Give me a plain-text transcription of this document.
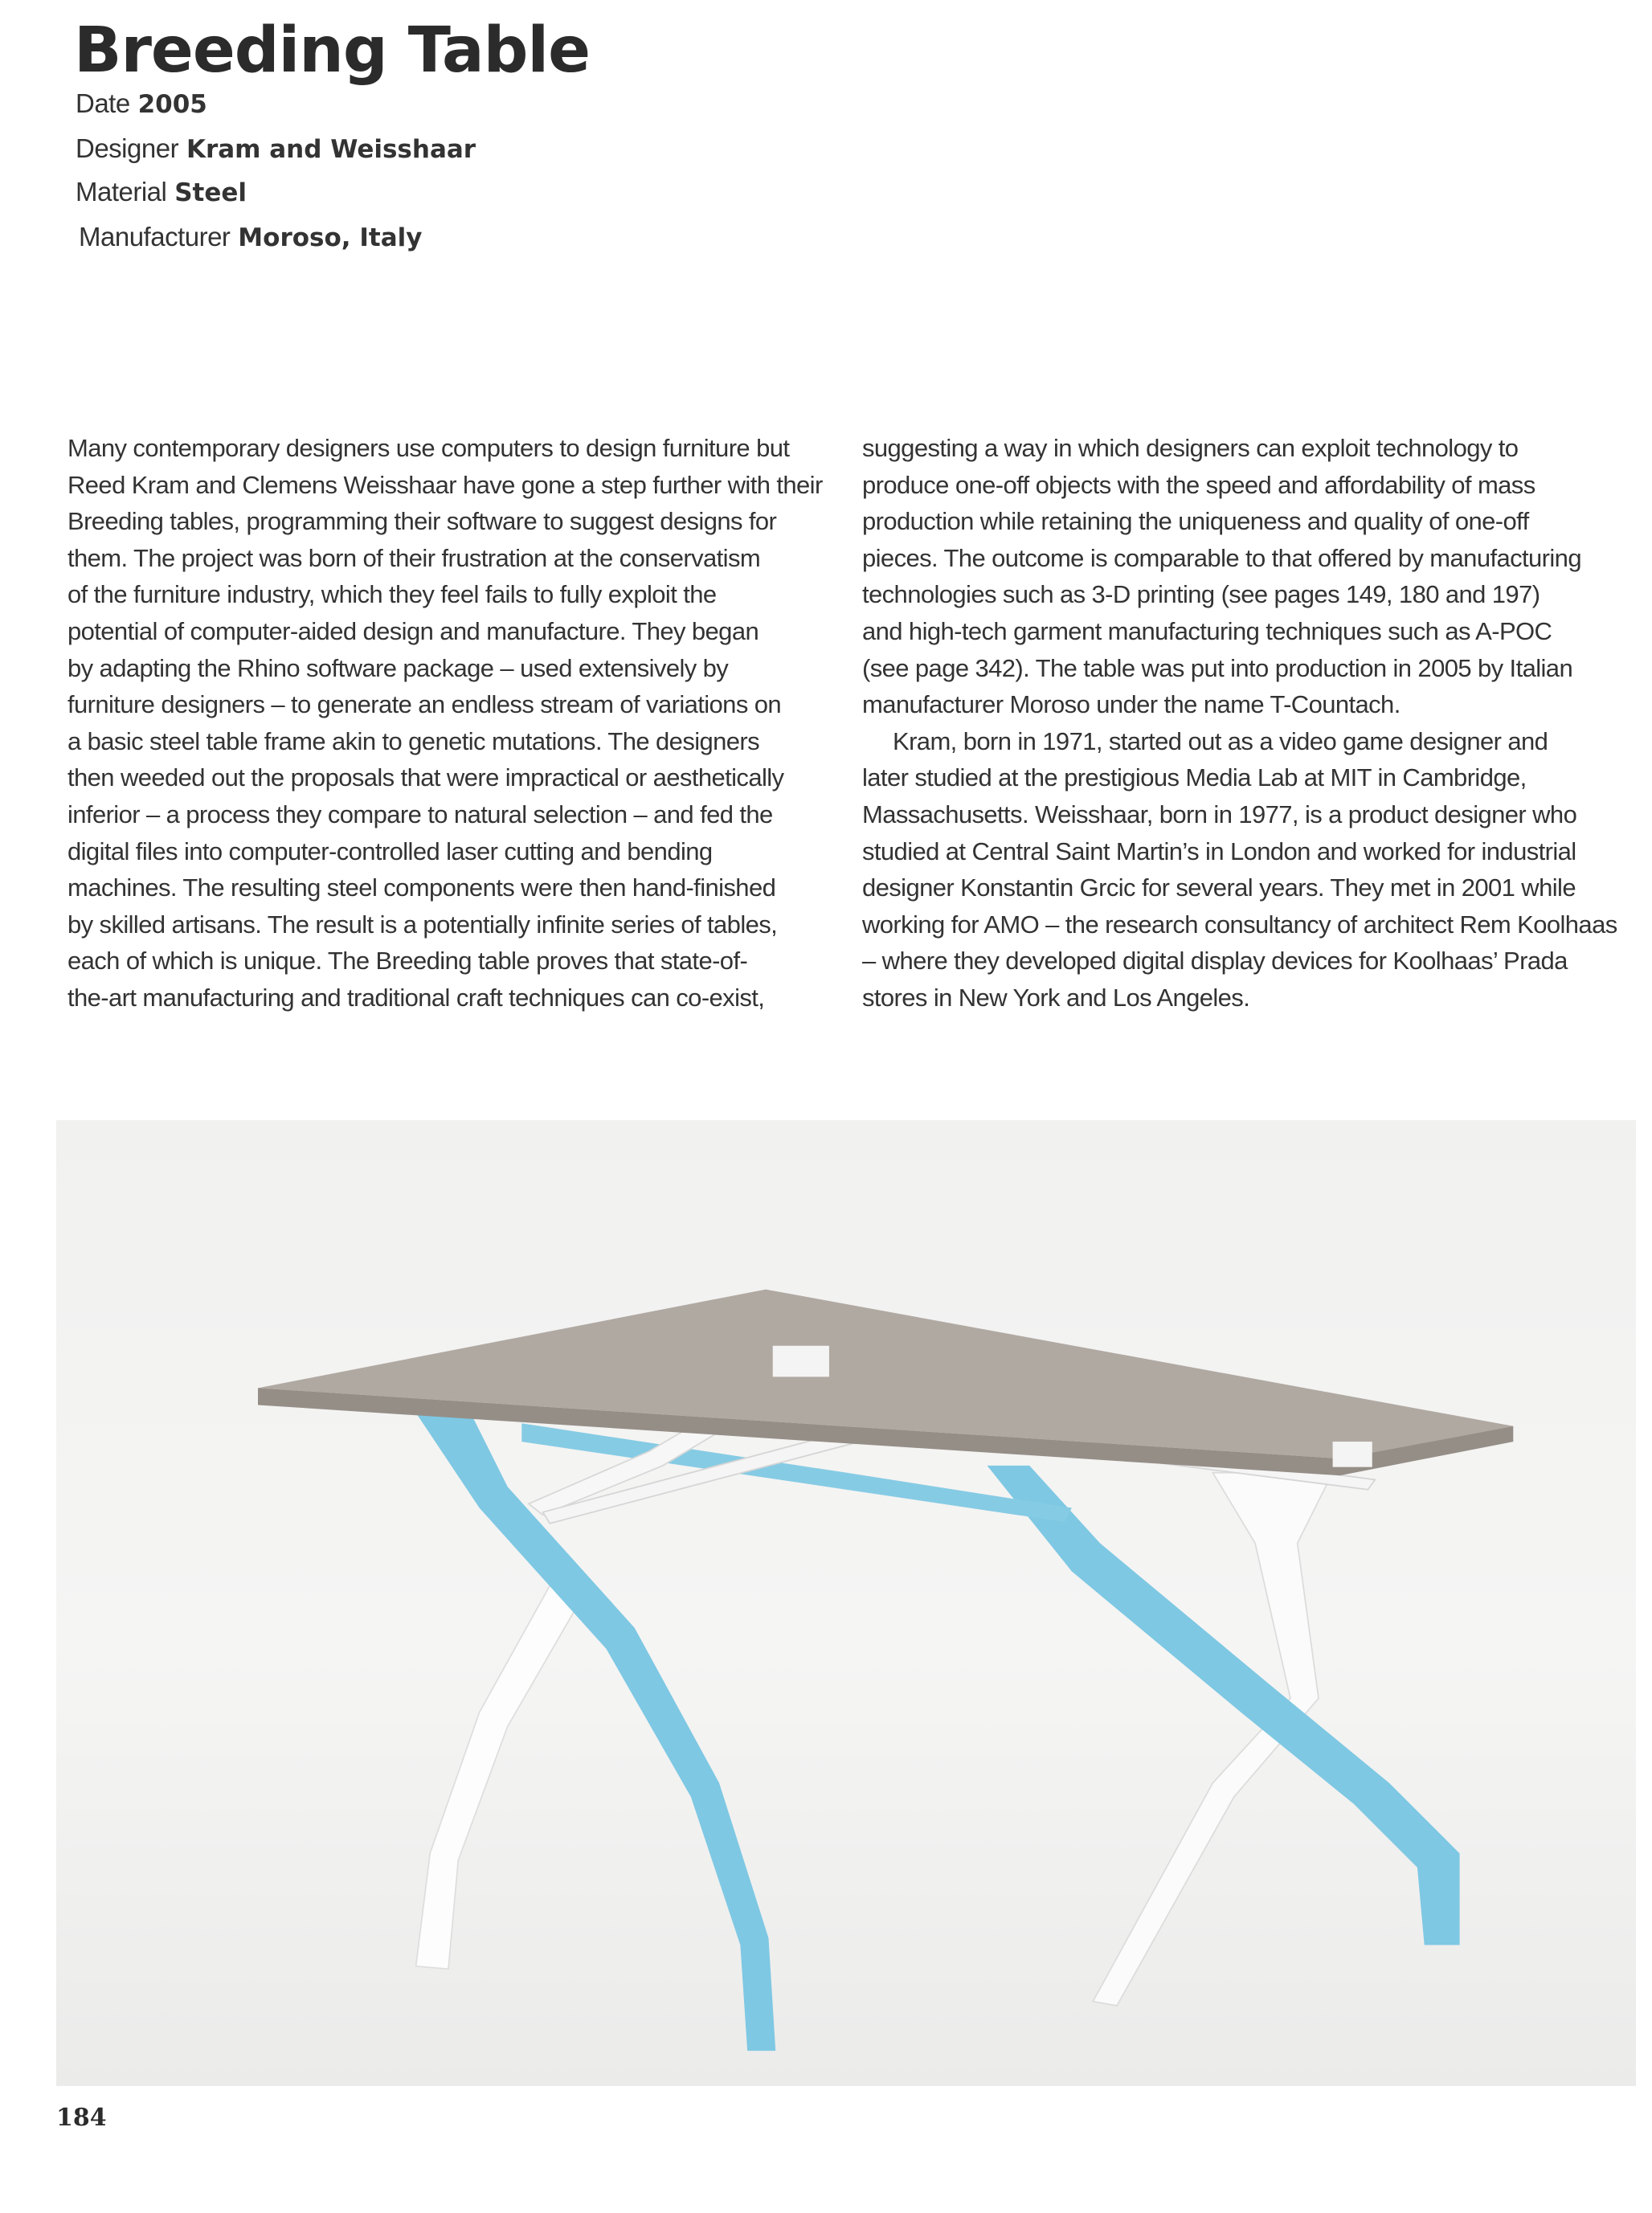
Breeding Table
Date 2005
Designer Kram and Weisshaar
Material Steel
Manufacturer Moroso, Italy
Many contemporary designers use computers to design furniture but
Reed Kram and Clemens Weisshaar have gone a step further with their
Breeding tables, programming their software to suggest designs for
them. The project was born of their frustration at the conservatism
of the furniture industry, which they feel fails to fully exploit the
potential of computer-aided design and manufacture. They began
by adapting the Rhino software package – used extensively by
furniture designers – to generate an endless stream of variations on
a basic steel table frame akin to genetic mutations. The designers
then weeded out the proposals that were impractical or aesthetically
inferior – a process they compare to natural selection – and fed the
digital files into computer-controlled laser cutting and bending
machines. The resulting steel components were then hand-finished
by skilled artisans. The result is a potentially infinite series of tables,
each of which is unique. The Breeding table proves that state-of-
the-art manufacturing and traditional craft techniques can co-exist,
suggesting a way in which designers can exploit technology to
produce one-off objects with the speed and affordability of mass
production while retaining the uniqueness and quality of one-off
pieces. The outcome is comparable to that offered by manufacturing
technologies such as 3-D printing (see pages 149, 180 and 197)
and high-tech garment manufacturing techniques such as A-POC
(see page 342). The table was put into production in 2005 by Italian
manufacturer Moroso under the name T-Countach.
Kram, born in 1971, started out as a video game designer and
later studied at the prestigious Media Lab at MIT in Cambridge,
Massachusetts. Weisshaar, born in 1977, is a product designer who
studied at Central Saint Martin’s in London and worked for industrial
designer Konstantin Grcic for several years. They met in 2001 while
working for AMO – the research consultancy of architect Rem Koolhaas
– where they developed digital display devices for Koolhaas’ Prada
stores in New York and Los Angeles.
184
